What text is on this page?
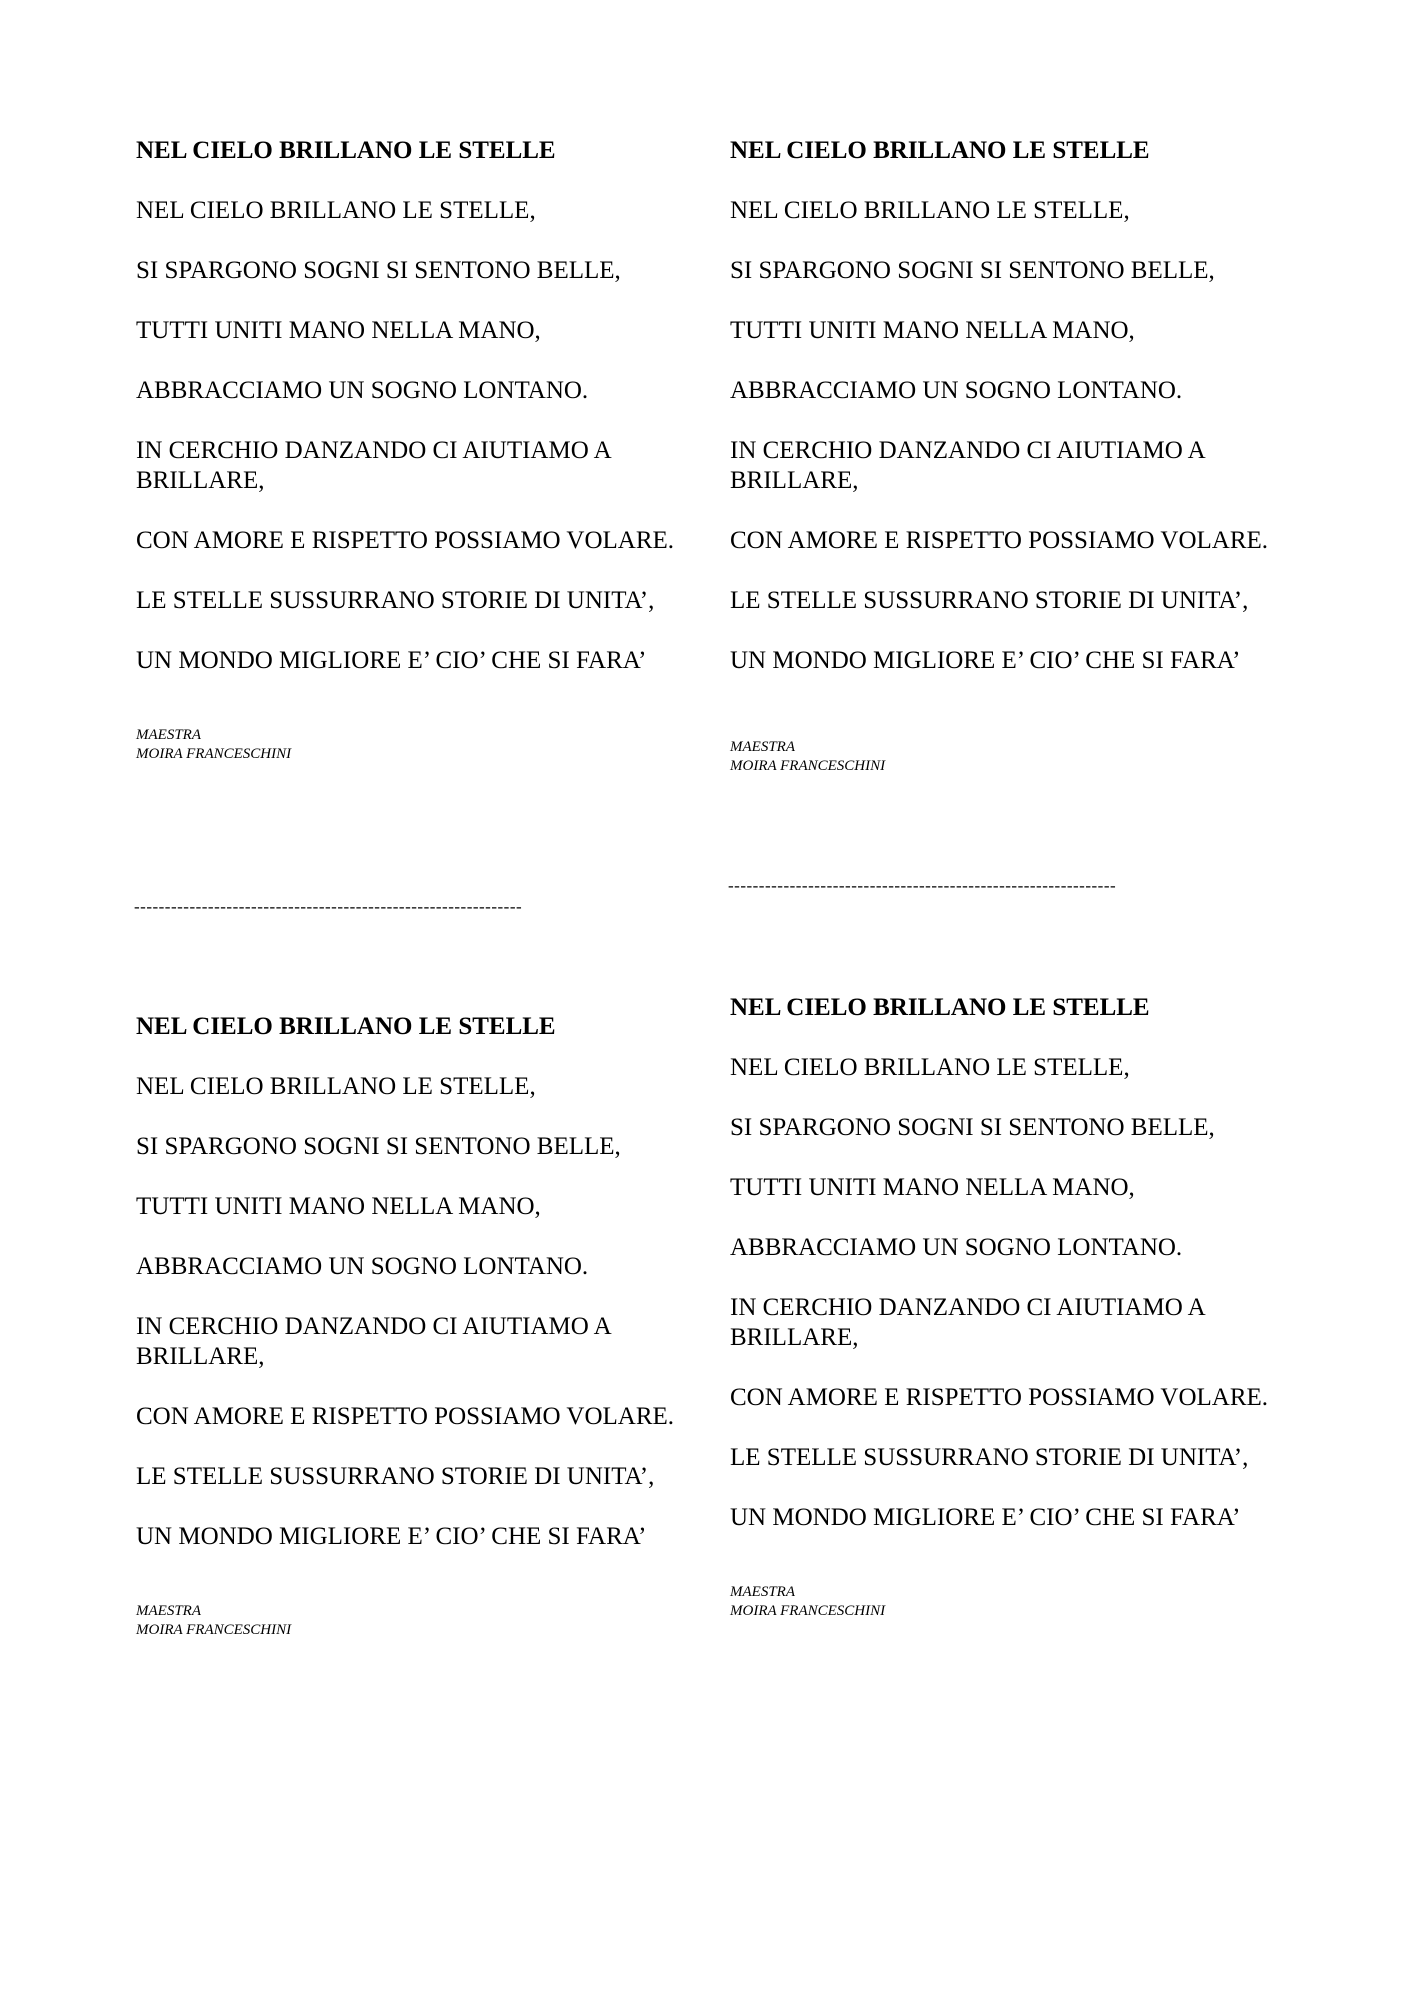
NEL CIELO BRILLANO LE STELLE
NEL CIELO BRILLANO LE STELLE,
SI SPARGONO SOGNI SI SENTONO BELLE,
TUTTI UNITI MANO NELLA MANO,
ABBRACCIAMO UN SOGNO LONTANO.
IN CERCHIO DANZANDO CI AIUTIAMO A BRILLARE,
CON AMORE E RISPETTO POSSIAMO VOLARE.
LE STELLE SUSSURRANO STORIE DI UNITA’,
UN MONDO MIGLIORE E’ CIO’ CHE SI FARA’
MAESTRA
MOIRA FRANCESCHINI
NEL CIELO BRILLANO LE STELLE
NEL CIELO BRILLANO LE STELLE,
SI SPARGONO SOGNI SI SENTONO BELLE,
TUTTI UNITI MANO NELLA MANO,
ABBRACCIAMO UN SOGNO LONTANO.
IN CERCHIO DANZANDO CI AIUTIAMO A BRILLARE,
CON AMORE E RISPETTO POSSIAMO VOLARE.
LE STELLE SUSSURRANO STORIE DI UNITA’,
UN MONDO MIGLIORE E’ CIO’ CHE SI FARA’
MAESTRA
MOIRA FRANCESCHINI
---------------------------------------------------------------
---------------------------------------------------------------
NEL CIELO BRILLANO LE STELLE
NEL CIELO BRILLANO LE STELLE,
SI SPARGONO SOGNI SI SENTONO BELLE,
TUTTI UNITI MANO NELLA MANO,
ABBRACCIAMO UN SOGNO LONTANO.
IN CERCHIO DANZANDO CI AIUTIAMO A BRILLARE,
CON AMORE E RISPETTO POSSIAMO VOLARE.
LE STELLE SUSSURRANO STORIE DI UNITA’,
UN MONDO MIGLIORE E’ CIO’ CHE SI FARA’
MAESTRA
MOIRA FRANCESCHINI
NEL CIELO BRILLANO LE STELLE
NEL CIELO BRILLANO LE STELLE,
SI SPARGONO SOGNI SI SENTONO BELLE,
TUTTI UNITI MANO NELLA MANO,
ABBRACCIAMO UN SOGNO LONTANO.
IN CERCHIO DANZANDO CI AIUTIAMO A BRILLARE,
CON AMORE E RISPETTO POSSIAMO VOLARE.
LE STELLE SUSSURRANO STORIE DI UNITA’,
UN MONDO MIGLIORE E’ CIO’ CHE SI FARA’
MAESTRA
MOIRA FRANCESCHINI
